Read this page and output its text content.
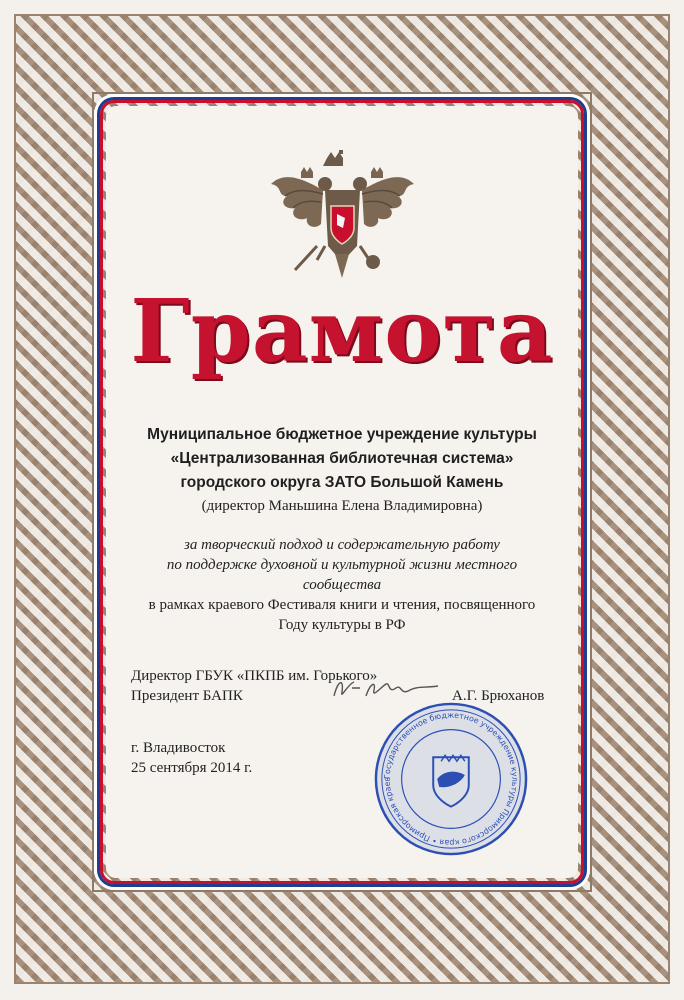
Грамота
Муниципальное бюджетное учреждение культуры
«Централизованная библиотечная система»
городского округа ЗАТО Большой Камень
(директор Маньшина Елена Владимировна)
за творческий подход и содержательную работу
по поддержке духовной и культурной жизни местного
сообщества
в рамках краевого Фестиваля книги и чтения, посвященного
Году культуры в РФ
Директор ГБУК «ПКПБ им. Горького»
Президент БАПК	А.Г. Брюханов
г. Владивосток
25 сентября 2014 г.
Государственное бюджетное учреждение культуры Приморского края • Приморская краев
